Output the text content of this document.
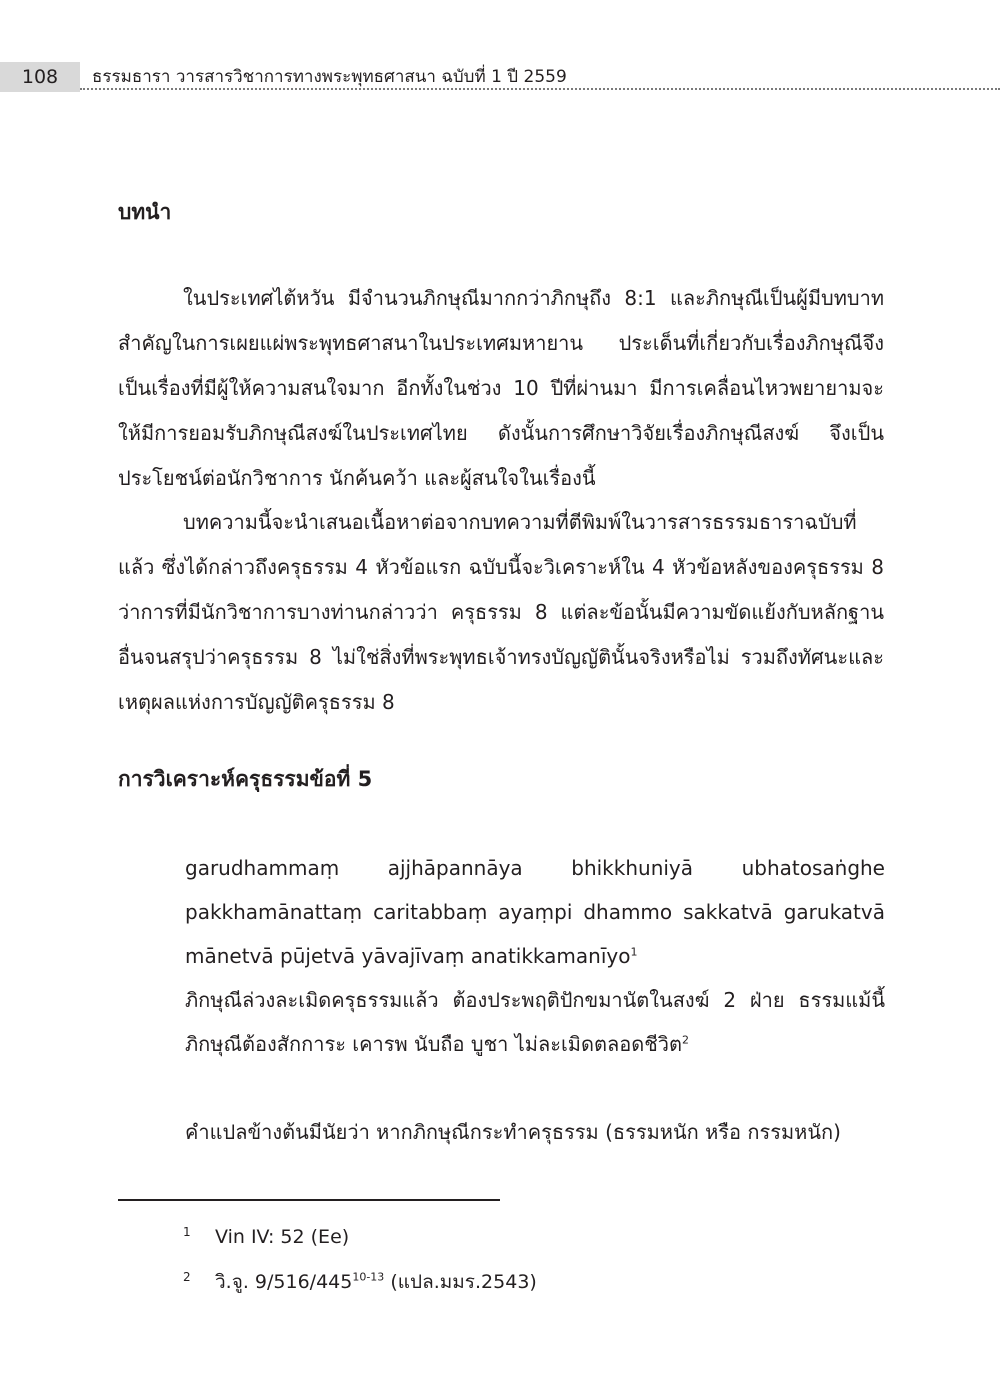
108	ธรรมธารา วารสารวิชาการทางพระพุทธศาสนา ฉบับที่ 1 ปี 2559
บทนำ

ในประเทศไต้หวัน มีจำนวนภิกษุณีมากกว่าภิกษุถึง 8:1 และภิกษุณีเป็นผู้มีบทบาทสำคัญในการเผยแผ่พระพุทธศาสนาในประเทศมหายาน ประเด็นที่เกี่ยวกับเรื่องภิกษุณีจึงเป็นเรื่องที่มีผู้ให้ความสนใจมาก อีกทั้งในช่วง 10 ปีที่ผ่านมา มีการเคลื่อนไหวพยายามจะให้มีการยอมรับภิกษุณีสงฆ์ในประเทศไทย ดังนั้นการศึกษาวิจัยเรื่องภิกษุณีสงฆ์ จึงเป็นประโยชน์ต่อนักวิชาการ นักค้นคว้า และผู้สนใจในเรื่องนี้

บทความนี้จะนำเสนอเนื้อหาต่อจากบทความที่ตีพิมพ์ในวารสารธรรมธาราฉบับที่แล้ว ซึ่งได้กล่าวถึงครุธรรม 4 หัวข้อแรก ฉบับนี้จะวิเคราะห์ใน 4 หัวข้อหลังของครุธรรม 8 ว่าการที่มีนักวิชาการบางท่านกล่าวว่า ครุธรรม 8 แต่ละข้อนั้นมีความขัดแย้งกับหลักฐานอื่นจนสรุปว่าครุธรรม 8 ไม่ใช่สิ่งที่พระพุทธเจ้าทรงบัญญัตินั้นจริงหรือไม่ รวมถึงทัศนะและเหตุผลแห่งการบัญญัติครุธรรม 8

การวิเคราะห์ครุธรรมข้อที่ 5

garudhammaṃ ajjhāpannāya bhikkhuniyā ubhatosaṅghe pakkhamānattaṃ caritabbaṃ ayaṃpi dhammo sakkatvā garukatvā mānetvā pūjetvā yāvajīvaṃ anatikkamanīyo$^1$

ภิกษุณีล่วงละเมิดครุธรรมแล้ว ต้องประพฤติปักขมานัตในสงฆ์ 2 ฝ่าย ธรรมแม้นี้ ภิกษุณีต้องสักการะ เคารพ นับถือ บูชา ไม่ละเมิดตลอดชีวิต$^2$

คำแปลข้างต้นมีนัยว่า หากภิกษุณีกระทำครุธรรม (ธรรมหนัก หรือ กรรมหนัก)

1 Vin IV: 52 (Ee)
2 วิ.จู. 9/516/445$^{10-13}$ (แปล.มมร.2543)
